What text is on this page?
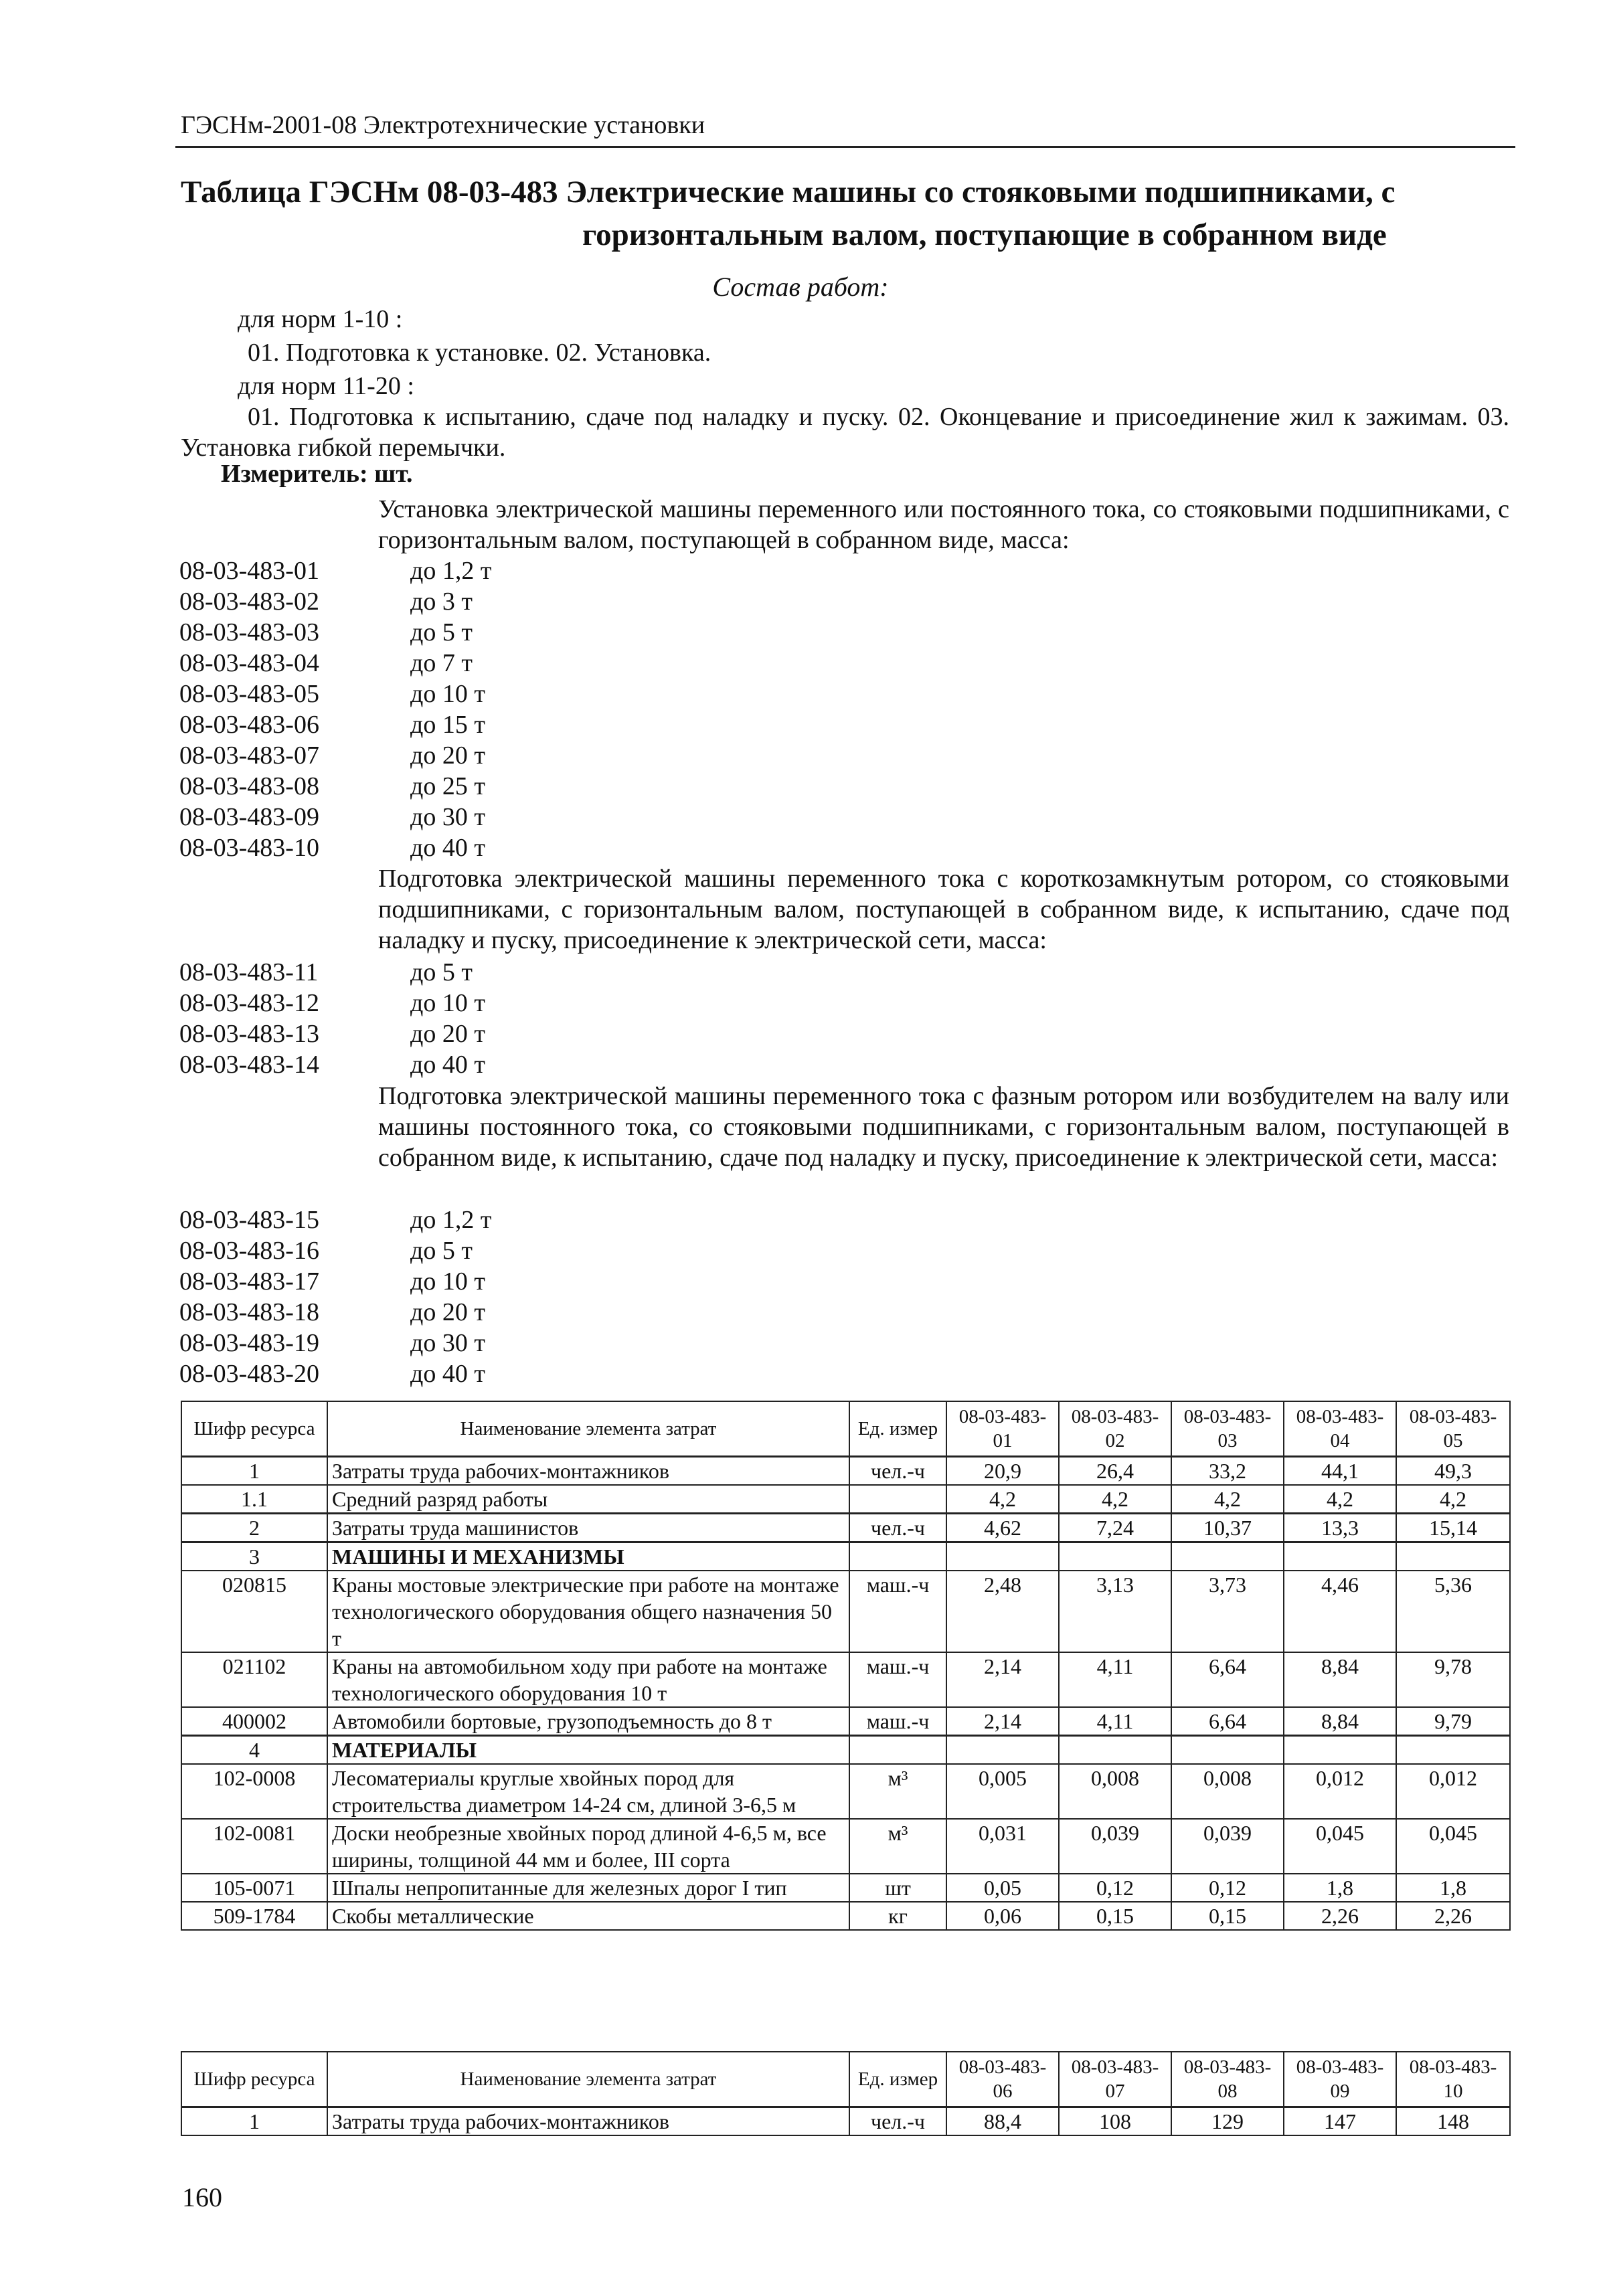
ГЭСНм-2001-08 Электротехнические установки
Таблица ГЭСНм 08-03-483 Электрические машины со стояковыми подшипниками, с
горизонтальным валом, поступающие в собранном виде
Состав работ:
для норм 1-10 :
01. Подготовка к установке. 02. Установка.
для норм 11-20 :
01. Подготовка к испытанию, сдаче под наладку и пуску. 02. Оконцевание и присоединение жил к зажимам. 03. Установка гибкой перемычки.
Измеритель: шт.
Установка электрической машины переменного или постоянного тока, со стояковыми подшипниками, с горизонтальным валом, поступающей в собранном виде, масса:
08-03-483-01	до 1,2 т
08-03-483-02	до 3 т
08-03-483-03	до 5 т
08-03-483-04	до 7 т
08-03-483-05	до 10 т
08-03-483-06	до 15 т
08-03-483-07	до 20 т
08-03-483-08	до 25 т
08-03-483-09	до 30 т
08-03-483-10	до 40 т
Подготовка электрической машины переменного тока с короткозамкнутым ротором, со стояковыми подшипниками, с горизонтальным валом, поступающей в собранном виде, к испытанию, сдаче под наладку и пуску, присоединение к электрической сети, масса:
08-03-483-11	до 5 т
08-03-483-12	до 10 т
08-03-483-13	до 20 т
08-03-483-14	до 40 т
Подготовка электрической машины переменного тока с фазным ротором или возбудителем на валу или машины постоянного тока, со стояковыми подшипниками, с горизонтальным валом, поступающей в собранном виде, к испытанию, сдаче под наладку и пуску, присоединение к электрической сети, масса:
08-03-483-15	до 1,2 т
08-03-483-16	до 5 т
08-03-483-17	до 10 т
08-03-483-18	до 20 т
08-03-483-19	до 30 т
08-03-483-20	до 40 т
Шифр ресурса	Наименование элемента затрат	Ед. измер	08-03-483-01	08-03-483-02	08-03-483-03	08-03-483-04	08-03-483-05
1	Затраты труда рабочих-монтажников	чел.-ч	20,9	26,4	33,2	44,1	49,3
1.1	Средний разряд работы		4,2	4,2	4,2	4,2	4,2
2	Затраты труда машинистов	чел.-ч	4,62	7,24	10,37	13,3	15,14
3	МАШИНЫ И МЕХАНИЗМЫ						
020815	Краны мостовые электрические при работе на монтаже технологического оборудования общего назначения 50 т	маш.-ч	2,48	3,13	3,73	4,46	5,36
021102	Краны на автомобильном ходу при работе на монтаже технологического оборудования 10 т	маш.-ч	2,14	4,11	6,64	8,84	9,78
400002	Автомобили бортовые, грузоподъемность до 8 т	маш.-ч	2,14	4,11	6,64	8,84	9,79
4	МАТЕРИАЛЫ						
102-0008	Лесоматериалы круглые хвойных пород для строительства диаметром 14-24 см, длиной 3-6,5 м	м³	0,005	0,008	0,008	0,012	0,012
102-0081	Доски необрезные хвойных пород длиной 4-6,5 м, все ширины, толщиной 44 мм и более, III сорта	м³	0,031	0,039	0,039	0,045	0,045
105-0071	Шпалы непропитанные для железных дорог I тип	шт	0,05	0,12	0,12	1,8	1,8
509-1784	Скобы металлические	кг	0,06	0,15	0,15	2,26	2,26
Шифр ресурса	Наименование элемента затрат	Ед. измер	08-03-483-06	08-03-483-07	08-03-483-08	08-03-483-09	08-03-483-10
1	Затраты труда рабочих-монтажников	чел.-ч	88,4	108	129	147	148
160
